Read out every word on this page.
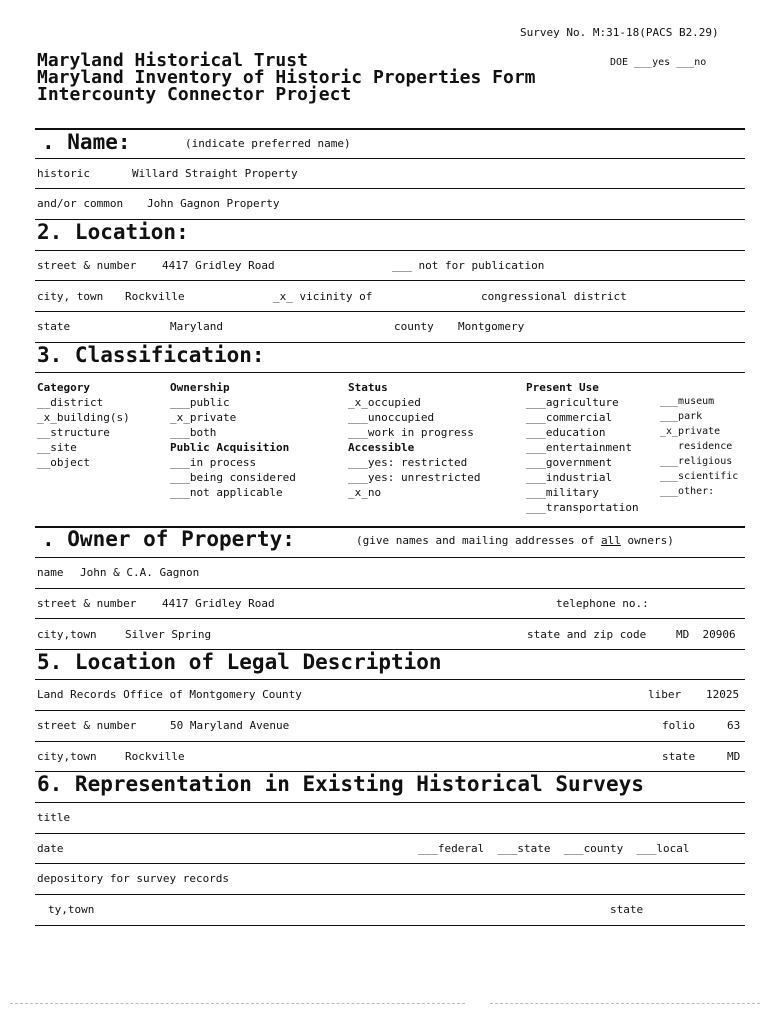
Survey No. M:31-18(PACS B2.29)
Maryland Historical Trust
Maryland Inventory of Historic Properties Form
Intercounty Connector Project
DOE ___yes ___no
. Name:	(indicate preferred name)
historic	Willard Straight Property
and/or common John Gagnon Property
2. Location:
street & number 4417 Gridley Road	___ not for publication
city, town Rockville	_x_ vicinity of	congressional district
state	Maryland	county Montgomery
3. Classification:
Category
__district
_x_building(s)
__structure
__site
__object
Ownership
___public
_x_private
___both
Public Acquisition
___in process
___being considered
___not applicable
Status
_x_occupied
___unoccupied
___work in progress
Accessible
___yes: restricted
___yes: unrestricted
_x_no
Present Use
___agriculture
___commercial
___education
___entertainment
___government
___industrial
___military
___transportation
___museum
___park
_x_private
residence
___religious
___scientific
___other:
. Owner of Property:	(give names and mailing addresses of all owners)
name John & C.A. Gagnon
street & number 4417 Gridley Road	telephone no.:
city,town	Silver Spring	state and zip code	MD  20906
5. Location of Legal Description
Land Records Office of Montgomery County	liber 12025
street & number	50 Maryland Avenue	folio	63
city,town	Rockville	state	MD
6. Representation in Existing Historical Surveys
title
date	___federal  ___state  ___county  ___local
depository for survey records
ty,town	state
